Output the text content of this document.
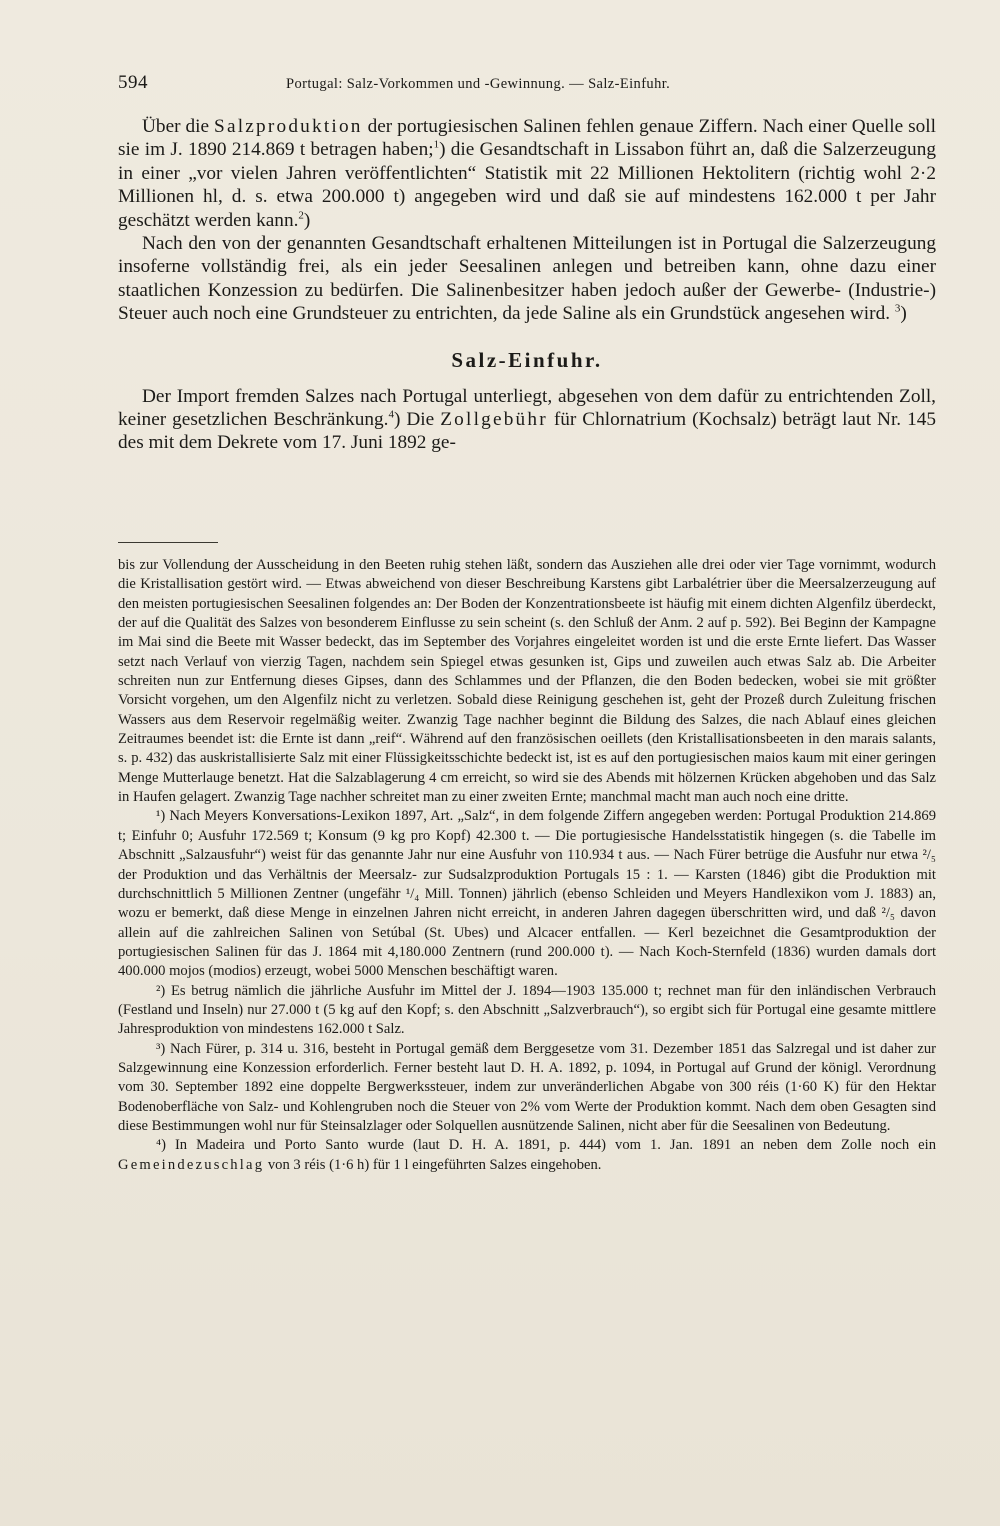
594	Portugal: Salz-Vorkommen und -Gewinnung. — Salz-Einfuhr.

Über die Salzproduktion der portugiesischen Salinen fehlen genaue Ziffern. Nach einer Quelle soll sie im J. 1890 214.869 t betragen haben;$^1$) die Gesandtschaft in Lissabon führt an, daß die Salzerzeugung in einer „vor vielen Jahren veröffentlichten“ Statistik mit 22 Millionen Hektolitern (richtig wohl 2·2 Millionen hl, d. s. etwa 200.000 t) angegeben wird und daß sie auf mindestens 162.000 t per Jahr geschätzt werden kann.$^2$)

Nach den von der genannten Gesandtschaft erhaltenen Mitteilungen ist in Portugal die Salzerzeugung insoferne vollständig frei, als ein jeder Seesalinen anlegen und betreiben kann, ohne dazu einer staatlichen Konzession zu bedürfen. Die Salinenbesitzer haben jedoch außer der Gewerbe- (Industrie-) Steuer auch noch eine Grundsteuer zu entrichten, da jede Saline als ein Grundstück angesehen wird. $^3$)

Salz-Einfuhr.

Der Import fremden Salzes nach Portugal unterliegt, abgesehen von dem dafür zu entrichtenden Zoll, keiner gesetzlichen Beschränkung.$^4$) Die Zollgebühr für Chlornatrium (Kochsalz) beträgt laut Nr. 145 des mit dem Dekrete vom 17. Juni 1892 ge-

bis zur Vollendung der Ausscheidung in den Beeten ruhig stehen läßt, sondern das Ausziehen alle drei oder vier Tage vornimmt, wodurch die Kristallisation gestört wird. — Etwas abweichend von dieser Beschreibung Karstens gibt Larbalétrier über die Meersalzerzeugung auf den meisten portugiesischen Seesalinen folgendes an: Der Boden der Konzentrationsbeete ist häufig mit einem dichten Algenfilz überdeckt, der auf die Qualität des Salzes von besonderem Einflusse zu sein scheint (s. den Schluß der Anm. 2 auf p. 592). Bei Beginn der Kampagne im Mai sind die Beete mit Wasser bedeckt, das im September des Vorjahres eingeleitet worden ist und die erste Ernte liefert. Das Wasser setzt nach Verlauf von vierzig Tagen, nachdem sein Spiegel etwas gesunken ist, Gips und zuweilen auch etwas Salz ab. Die Arbeiter schreiten nun zur Entfernung dieses Gipses, dann des Schlammes und der Pflanzen, die den Boden bedecken, wobei sie mit größter Vorsicht vorgehen, um den Algenfilz nicht zu verletzen. Sobald diese Reinigung geschehen ist, geht der Prozeß durch Zuleitung frischen Wassers aus dem Reservoir regelmäßig weiter. Zwanzig Tage nachher beginnt die Bildung des Salzes, die nach Ablauf eines gleichen Zeitraumes beendet ist: die Ernte ist dann „reif“. Während auf den französischen oeillets (den Kristallisationsbeeten in den marais salants, s. p. 432) das auskristallisierte Salz mit einer Flüssigkeitsschichte bedeckt ist, ist es auf den portugiesischen maios kaum mit einer geringen Menge Mutterlauge benetzt. Hat die Salzablagerung 4 cm erreicht, so wird sie des Abends mit hölzernen Krücken abgehoben und das Salz in Haufen gelagert. Zwanzig Tage nachher schreitet man zu einer zweiten Ernte; manchmal macht man auch noch eine dritte.

¹) Nach Meyers Konversations-Lexikon 1897, Art. „Salz“, in dem folgende Ziffern angegeben werden: Portugal Produktion 214.869 t; Einfuhr 0; Ausfuhr 172.569 t; Konsum (9 kg pro Kopf) 42.300 t. — Die portugiesische Handelsstatistik hingegen (s. die Tabelle im Abschnitt „Salzausfuhr“) weist für das genannte Jahr nur eine Ausfuhr von 110.934 t aus. — Nach Fürer betrüge die Ausfuhr nur etwa ²/₅ der Produktion und das Verhältnis der Meersalz- zur Sudsalzproduktion Portugals 15 : 1. — Karsten (1846) gibt die Produktion mit durchschnittlich 5 Millionen Zentner (ungefähr ¹/₄ Mill. Tonnen) jährlich (ebenso Schleiden und Meyers Handlexikon vom J. 1883) an, wozu er bemerkt, daß diese Menge in einzelnen Jahren nicht erreicht, in anderen Jahren dagegen überschritten wird, und daß ²/₅ davon allein auf die zahlreichen Salinen von Setúbal (St. Ubes) und Alcacer entfallen. — Kerl bezeichnet die Gesamtproduktion der portugiesischen Salinen für das J. 1864 mit 4,180.000 Zentnern (rund 200.000 t). — Nach Koch-Sternfeld (1836) wurden damals dort 400.000 mojos (modios) erzeugt, wobei 5000 Menschen beschäftigt waren.

²) Es betrug nämlich die jährliche Ausfuhr im Mittel der J. 1894—1903 135.000 t; rechnet man für den inländischen Verbrauch (Festland und Inseln) nur 27.000 t (5 kg auf den Kopf; s. den Abschnitt „Salzverbrauch“), so ergibt sich für Portugal eine gesamte mittlere Jahresproduktion von mindestens 162.000 t Salz.

³) Nach Fürer, p. 314 u. 316, besteht in Portugal gemäß dem Berggesetze vom 31. Dezember 1851 das Salzregal und ist daher zur Salzgewinnung eine Konzession erforderlich. Ferner besteht laut D. H. A. 1892, p. 1094, in Portugal auf Grund der königl. Verordnung vom 30. September 1892 eine doppelte Bergwerkssteuer, indem zur unveränderlichen Abgabe von 300 réis (1·60 K) für den Hektar Bodenoberfläche von Salz- und Kohlengruben noch die Steuer von 2% vom Werte der Produktion kommt. Nach dem oben Gesagten sind diese Bestimmungen wohl nur für Steinsalzlager oder Solquellen ausnützende Salinen, nicht aber für die Seesalinen von Bedeutung.

⁴) In Madeira und Porto Santo wurde (laut D. H. A. 1891, p. 444) vom 1. Jan. 1891 an neben dem Zolle noch ein Gemeindezuschlag von 3 réis (1·6 h) für 1 l eingeführten Salzes eingehoben.
